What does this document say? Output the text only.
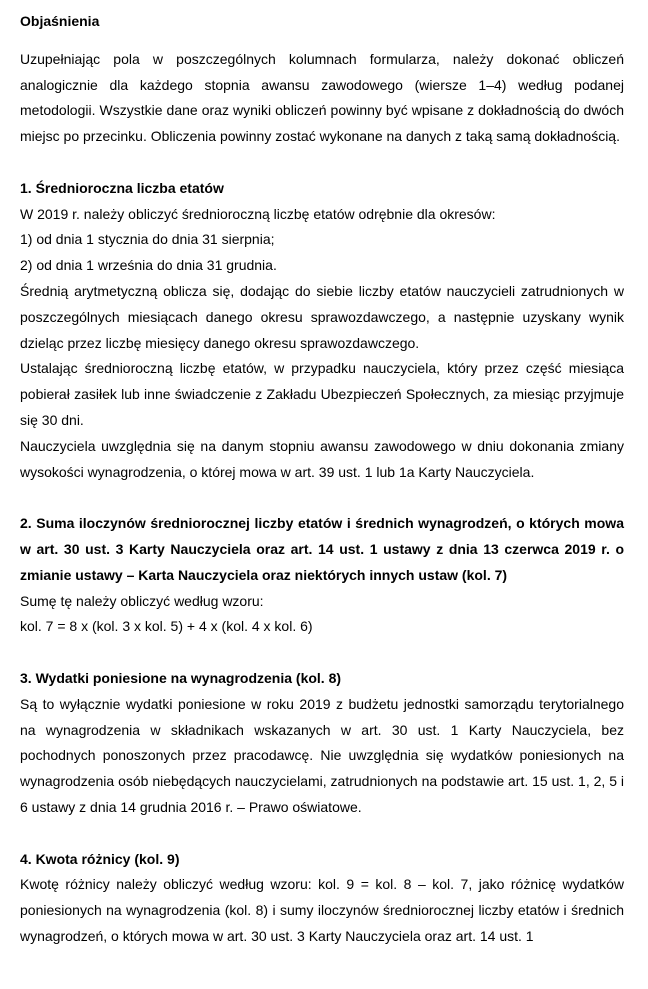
Objaśnienia

Uzupełniając pola w poszczególnych kolumnach formularza, należy dokonać obliczeń analogicznie dla każdego stopnia awansu zawodowego (wiersze 1–4) według podanej metodologii. Wszystkie dane oraz wyniki obliczeń powinny być wpisane z dokładnością do dwóch miejsc po przecinku. Obliczenia powinny zostać wykonane na danych z taką samą dokładnością.

1. Średnioroczna liczba etatów
W 2019 r. należy obliczyć średnioroczną liczbę etatów odrębnie dla okresów:
1) od dnia 1 stycznia do dnia 31 sierpnia;
2) od dnia 1 września do dnia 31 grudnia.

Średnią arytmetyczną oblicza się, dodając do siebie liczby etatów nauczycieli zatrudnionych w poszczególnych miesiącach danego okresu sprawozdawczego, a następnie uzyskany wynik dzieląc przez liczbę miesięcy danego okresu sprawozdawczego.

Ustalając średnioroczną liczbę etatów, w przypadku nauczyciela, który przez część miesiąca pobierał zasiłek lub inne świadczenie z Zakładu Ubezpieczeń Społecznych, za miesiąc przyjmuje się 30 dni.

Nauczyciela uwzględnia się na danym stopniu awansu zawodowego w dniu dokonania zmiany wysokości wynagrodzenia, o której mowa w art. 39 ust. 1 lub 1a Karty Nauczyciela.

2. Suma iloczynów średniorocznej liczby etatów i średnich wynagrodzeń, o których mowa w art. 30 ust. 3 Karty Nauczyciela oraz art. 14 ust. 1 ustawy z dnia 13 czerwca 2019 r. o zmianie ustawy – Karta Nauczyciela oraz niektórych innych ustaw (kol. 7)

Sumę tę należy obliczyć według wzoru:
kol. 7 = 8 x (kol. 3 x kol. 5) + 4 x (kol. 4 x kol. 6)
3. Wydatki poniesione na wynagrodzenia (kol. 8)

Są to wyłącznie wydatki poniesione w roku 2019 z budżetu jednostki samorządu terytorialnego na wynagrodzenia w składnikach wskazanych w art. 30 ust. 1 Karty Nauczyciela, bez pochodnych ponoszonych przez pracodawcę. Nie uwzględnia się wydatków poniesionych na wynagrodzenia osób niebędących nauczycielami, zatrudnionych na podstawie art. 15 ust. 1, 2, 5 i 6 ustawy z dnia 14 grudnia 2016 r. – Prawo oświatowe.

4. Kwota różnicy (kol. 9)

Kwotę różnicy należy obliczyć według wzoru: kol. 9 = kol. 8 – kol. 7, jako różnicę wydatków poniesionych na wynagrodzenia (kol. 8) i sumy iloczynów średniorocznej liczby etatów i średnich wynagrodzeń, o których mowa w art. 30 ust. 3 Karty Nauczyciela oraz art. 14 ust. 1
